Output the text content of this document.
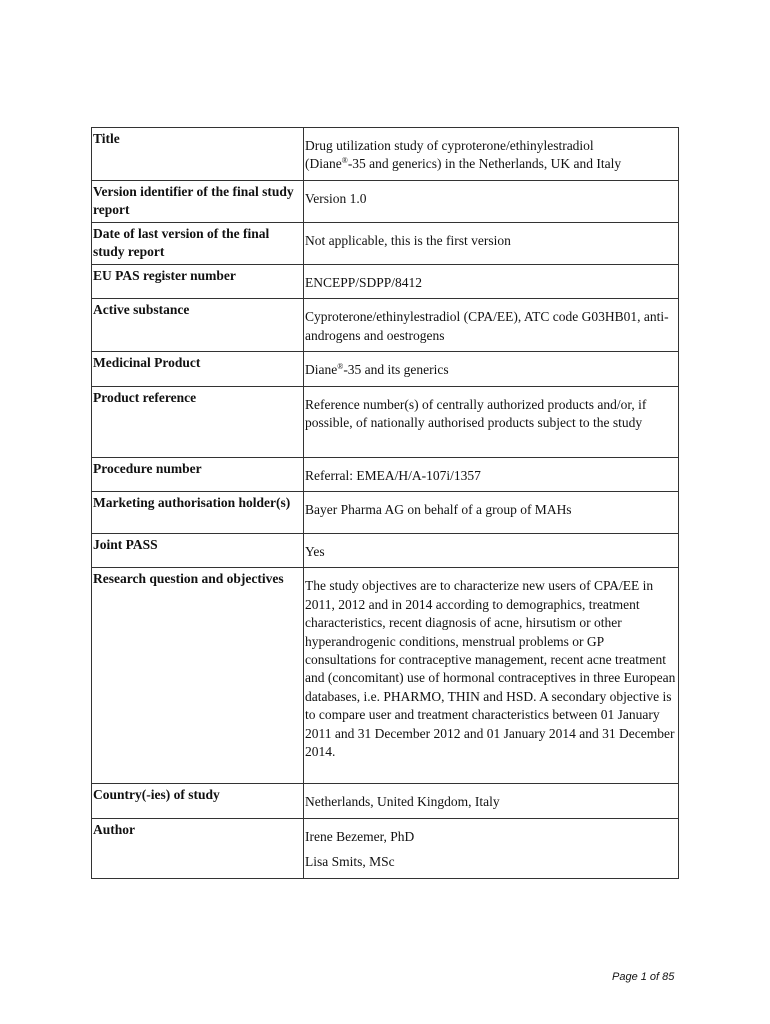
Title	Drug utilization study of cyproterone/ethinylestradiol
(Diane®-35 and generics) in the Netherlands, UK and Italy

Version identifier of the final study report	Version 1.0
Date of last version of the final study report	Not applicable, this is the first version
EU PAS register number	ENCEPP/SDPP/8412
Active substance	Cyproterone/ethinylestradiol (CPA/EE), ATC code G03HB01, anti-androgens and oestrogens
Medicinal Product	Diane®-35 and its generics
Product reference	Reference number(s) of centrally authorized products and/or, if possible, of nationally authorised products subject to the study
Procedure number	Referral: EMEA/H/A-107i/1357
Marketing authorisation holder(s)	Bayer Pharma AG on behalf of a group of MAHs
Joint PASS	Yes
Research question and objectives	The study objectives are to characterize new users of CPA/EE in 2011, 2012 and in 2014 according to demographics, treatment characteristics, recent diagnosis of acne, hirsutism or other hyperandrogenic conditions, menstrual problems or GP consultations for contraceptive management, recent acne treatment and (concomitant) use of hormonal contraceptives in three European databases, i.e. PHARMO, THIN and HSD. A secondary objective is to compare user and treatment characteristics between 01 January 2011 and 31 December 2012 and 01 January 2014 and 31 December 2014.
Country(-ies) of study	Netherlands, United Kingdom, Italy
Author	Irene Bezemer, PhD
Lisa Smits, MSc
Page 1 of 85
